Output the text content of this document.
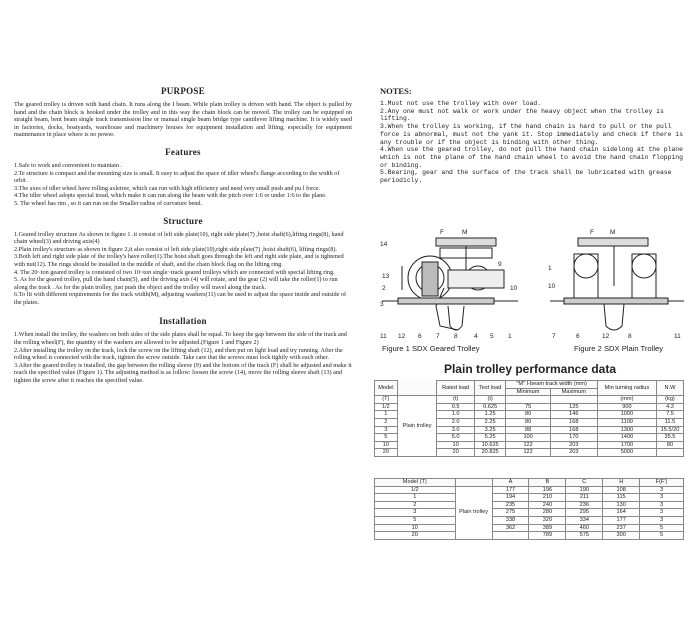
PURPOSE

The geared trolley is driven with hand chain. It runs along the I beam. While plain trolley is driven with hand. The object is pulled by hand and the chain block is hooked under the trolley and in this way the chain block can be moved. The trolley can be equipped on straight beam, bent beam single track transmission line or manual single beam bridge type cantilever lifting machine. It is widely used in factories, docks, boatyards, warehouse and machinery houses for equipment installation and lifting, especially for equipment maintenance in place where is no power.

Features
1.Safe to work and convenient to maintain .
2.Te structure is compact and the mounting size is small. It easy to adjust the space of idler wheel's flange according to the width of orbit .
3.The axes of idler wheel have rolling axletree, which can run with high efficiency and need very small push and pu l force.
4.The idler wheel adopts special tread, which make it can run along the beam with the pitch over 1:6 or under 1:6 to the plane.
5. The wheel has rim , so it can run on the Smaller radius of curvature bend.
Structure
1.Geared trolley structure As shown in figure 1 .it consist of left side plate(10), right side plate(7) ,hoist shaft(6),lifting rings(8), hand chain wheel(3) and driving axis(4)
2.Plain trolley's structure as shown in figure 2,it also consist of left side plate(10),right side plate(7) ,hoist shaft(6), lifting rings(8).
3.Both left and right side plate of the trolley's have roller(1).The hoist shaft goes through the left and right side plate, and is tightened with nut(12). The rings should be installed in the middle of shaft, and the chain block flag on the lifting ring.
4. The 20~ton geared trolley is consisted of two 10~ton single~track geared trolleys which are connected with special lifting ring.
5. As for the geared trolley, pull the hand chain(5), and the driving axis (4) will rotate, and the gear (2) will take the roller(1) to run along the track . As for the plain trolley, just push the object and the trolley will travel along the track.
6.To fit with different requirements for the track width(M), adjusting washers(11) can be used to adjust the space inside and outside of the plates.
Installation
1.When install the trolley, the washers on both sides of the side plates shall be equal. To keep the gap between the side of the track and the rolling wheel(F), the quantity of the washers are allowed to be adjusted.(Figure 1 and Figure 2)
2.After installing the trolley on the track, lock the screw on the lifting shaft (12), and then put on light load and try running. After the rolling wheel is connected with the track, tighten the screw outside. Take care that the screws must lock tightly with each other.
3.After the geared trolley is installed, the gap between the rolling sleeve (9) and the bottom of the track (F) shall be adjusted and make it reach the specified value (Figure 1). The adjusting method is as follow: loosen the screw (14), move the rolling sleeve shaft (13) and tighten the screw after it reaches the specified value.
NOTES:
1.Must not use the trolley with over load.
2.Any one must not walk or work under the heavy object when the trolley is lifting.
3.When the trolley is working, if the hand chain is hard to pull or the pull force is abnormal, must not the yank it. Stop immediately and check if there is any trouble or if the object is binding with other thing.
4.When use the geared trolley, do not pull the hand chain sidelong at the plane which is not the plane of the hand chain wheel to avoid the hand chain flopping or binding.
5.Bearing, gear and the surface of the track shall be lubricated with grease periodicly.
14
F	M
13
2
3
9
10
11 12 6 7 8	4 5 1
F M
1
10
7	6	12	8	11
Figure 1 SDX Geared Trolley	Figure 2 SDX Plain Trolley
Plain trolley performance data
Model		Rated load	Test load	"M" I-beam track width (mm)		Min turning radius	N.W
				Minimum	Maximum		
(T)	Plain trolley	(t)	(t)			(mm)	(kg)
1/2		0.5	0.625	75	125	900	4.3
1		1.0	1.25	80	146	1000	7.5
2		2.0	2.25	80	168	1100	11.5
3		3.0	3.25	88	168	1300	15.5/20
5		5.0	5.25	100	170	1400	35.5
10		10	10.625	122	203	1700	80
20		20	20.825	122	203	5000	
Model (T)		A	B	C	H	F(F')
1/2	Plain trolley	177	196	190	108	3
1		194	210	211	115	3
2		235	240	236	130	3
3		275	280	295	164	3
5		338	320	334	177	3
10		362	389	460	237	5
20			789	575	300	5
